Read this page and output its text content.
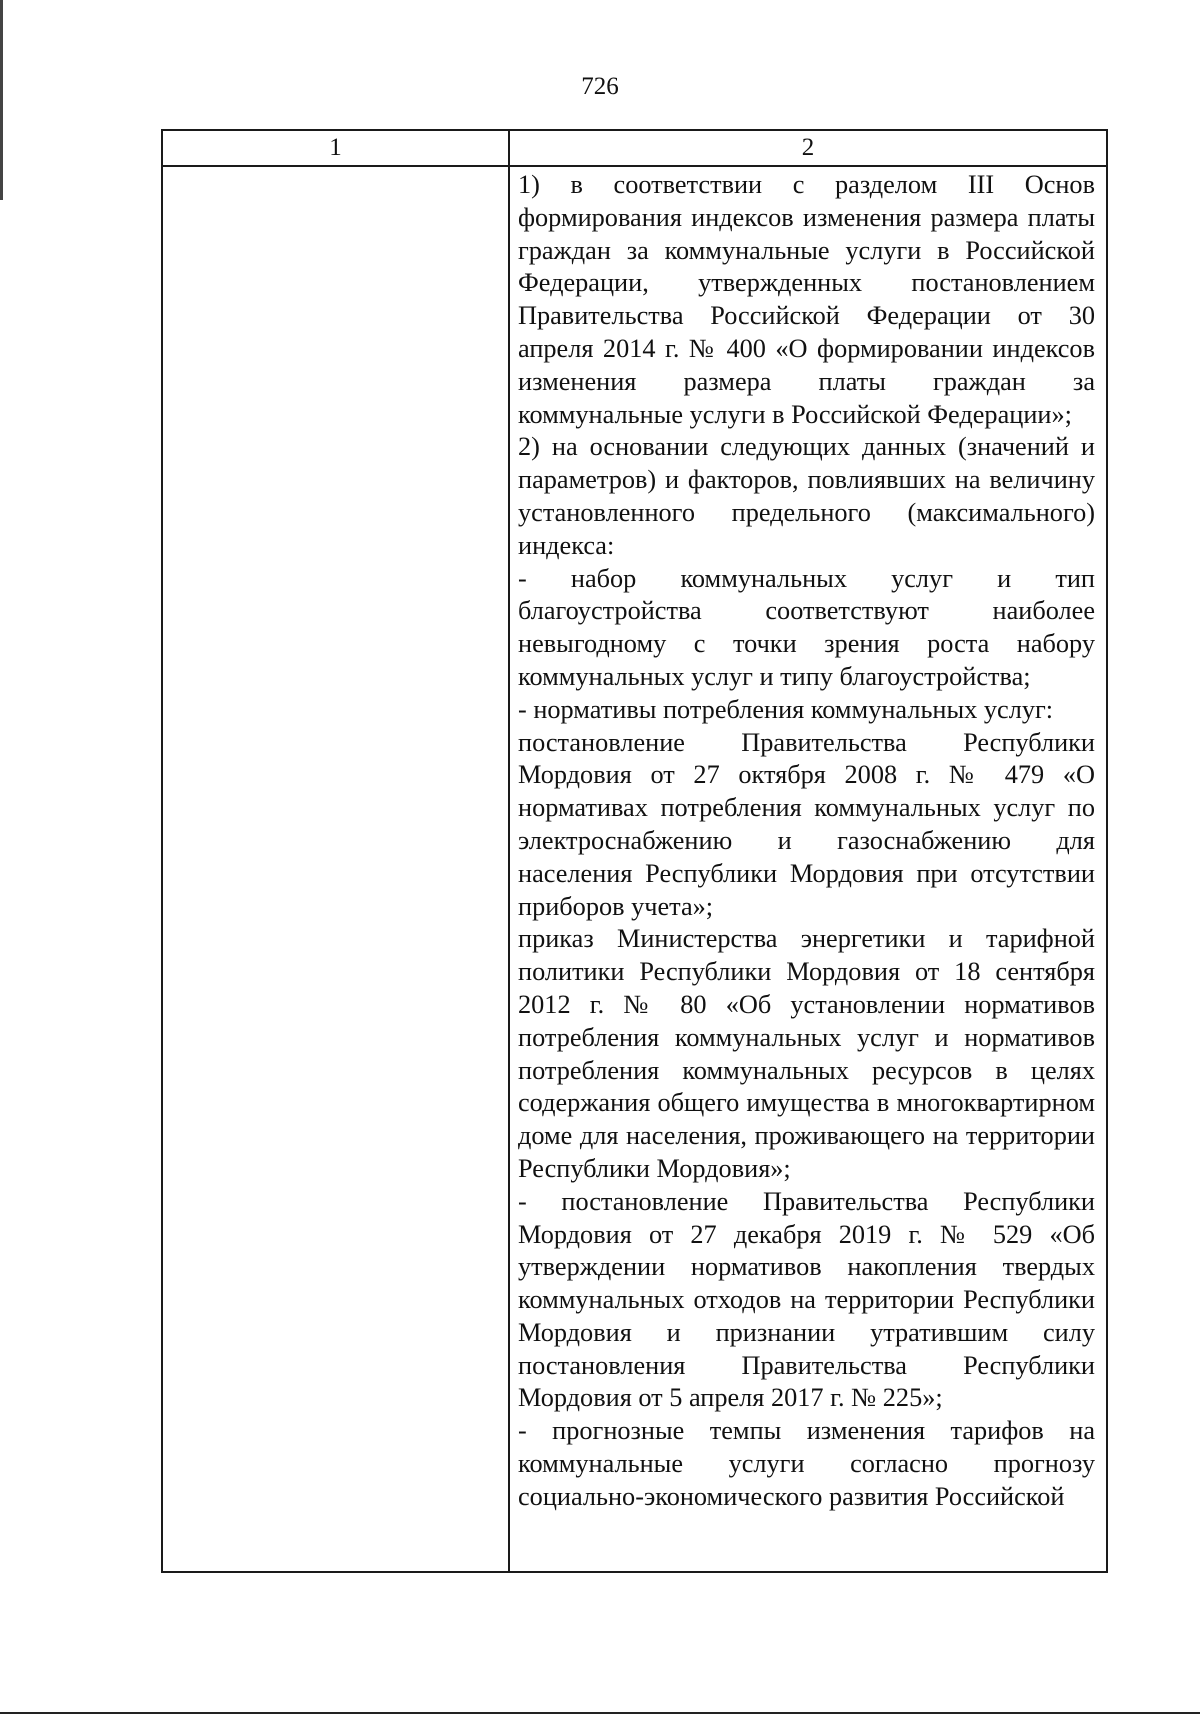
726
1	2

1) в соответствии с разделом III Основ формирования индексов изменения размера платы граждан за коммунальные услуги в Российской Федерации, утвержденных постановлением Правительства Российской Федерации от 30 апреля 2014 г. № 400 «О формировании индексов изменения размера платы граждан за коммунальные услуги в Российской Федерации»;

2) на основании следующих данных (значений и параметров) и факторов, повлиявших на величину установленного предельного (максимального) индекса:

- набор коммунальных услуг и тип благоустройства соответствуют наиболее невыгодному с точки зрения роста набору коммунальных услуг и типу благоустройства;

- нормативы потребления коммунальных услуг:

постановление Правительства Республики Мордовия от 27 октября 2008 г. № 479 «О нормативах потребления коммунальных услуг по электроснабжению и газоснабжению для населения Республики Мордовия при отсутствии приборов учета»;

приказ Министерства энергетики и тарифной политики Республики Мордовия от 18 сентября 2012 г. № 80 «Об установлении нормативов потребления коммунальных услуг и нормативов потребления коммунальных ресурсов в целях содержания общего имущества в многоквартирном доме для населения, проживающего на территории Республики Мордовия»;

- постановление Правительства Республики Мордовия от 27 декабря 2019 г. № 529 «Об утверждении нормативов накопления твердых коммунальных отходов на территории Республики Мордовия и признании утратившим силу постановления Правительства Республики Мордовия от 5 апреля 2017 г. № 225»;

- прогнозные темпы изменения тарифов на коммунальные услуги согласно прогнозу социально-экономического развития Российской
